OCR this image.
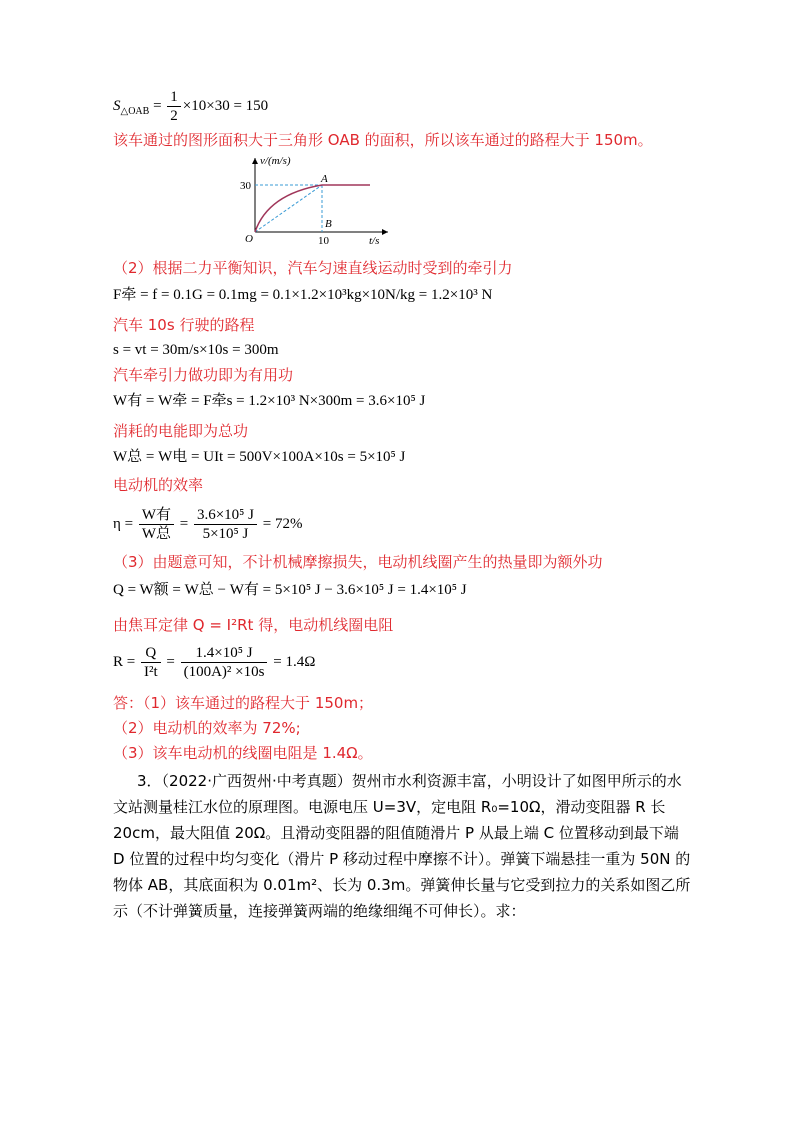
$S_{\triangle OAB} = \frac{1}{2} \times 10\times 30 = 150$
该车通过的图形面积大于三角形 OAB 的面积，所以该车通过的路程大于 150m。
v/(m/s)
30
10	t/s
O
A
B
（2）根据二力平衡知识，汽车匀速直线运动时受到的牵引力
F牵 = f = 0.1G = 0.1mg = 0.1×1.2×10³kg×10N/kg = 1.2×10³ N
汽车 10s 行驶的路程
s = vt = 30m/s×10s = 300m
汽车牵引力做功即为有用功
W有 = W牵 = F牵s = 1.2×10³ N×300m = 3.6×10⁵ J
消耗的电能即为总功
W总 = W电 = UIt = 500V×100A×10s = 5×10⁵ J
电动机的效率
$\eta = \frac{\text{W有}}{\text{W总}} = \frac{\text{3.6×10⁵ J}}{\text{5×10⁵ J}} = 72\%$
（3）由题意可知，不计机械摩擦损失，电动机线圈产生的热量即为额外功
Q = W额 = W总 − W有 = 5×10⁵ J − 3.6×10⁵ J = 1.4×10⁵ J
由焦耳定律 Q = I²Rt 得，电动机线圈电阻
$R = \frac{Q}{\text{I²t}} = \frac{\text{1.4×10⁵ J}}{\text{(100A)² ×10s}} = 1.4\Omega$
答：（1）该车通过的路程大于 150m；
（2）电动机的效率为 72%;
（3）该车电动机的线圈电阻是 1.4Ω。
3．（2022·广西贺州·中考真题）贺州市水利资源丰富，小明设计了如图甲所示的水文站测量桂江水位的原理图。电源电压 U=3V，定电阻 R₀=10Ω，滑动变阻器 R 长 20cm，最大阻值 20Ω。且滑动变阻器的阻值随滑片 P 从最上端 C 位置移动到最下端 D 位置的过程中均匀变化（滑片 P 移动过程中摩擦不计）。弹簧下端悬挂一重为 50N 的物体 AB，其底面积为 0.01m²、长为 0.3m。弹簧伸长量与它受到拉力的关系如图乙所示（不计弹簧质量，连接弹簧两端的绝缘细绳不可伸长）。求：
